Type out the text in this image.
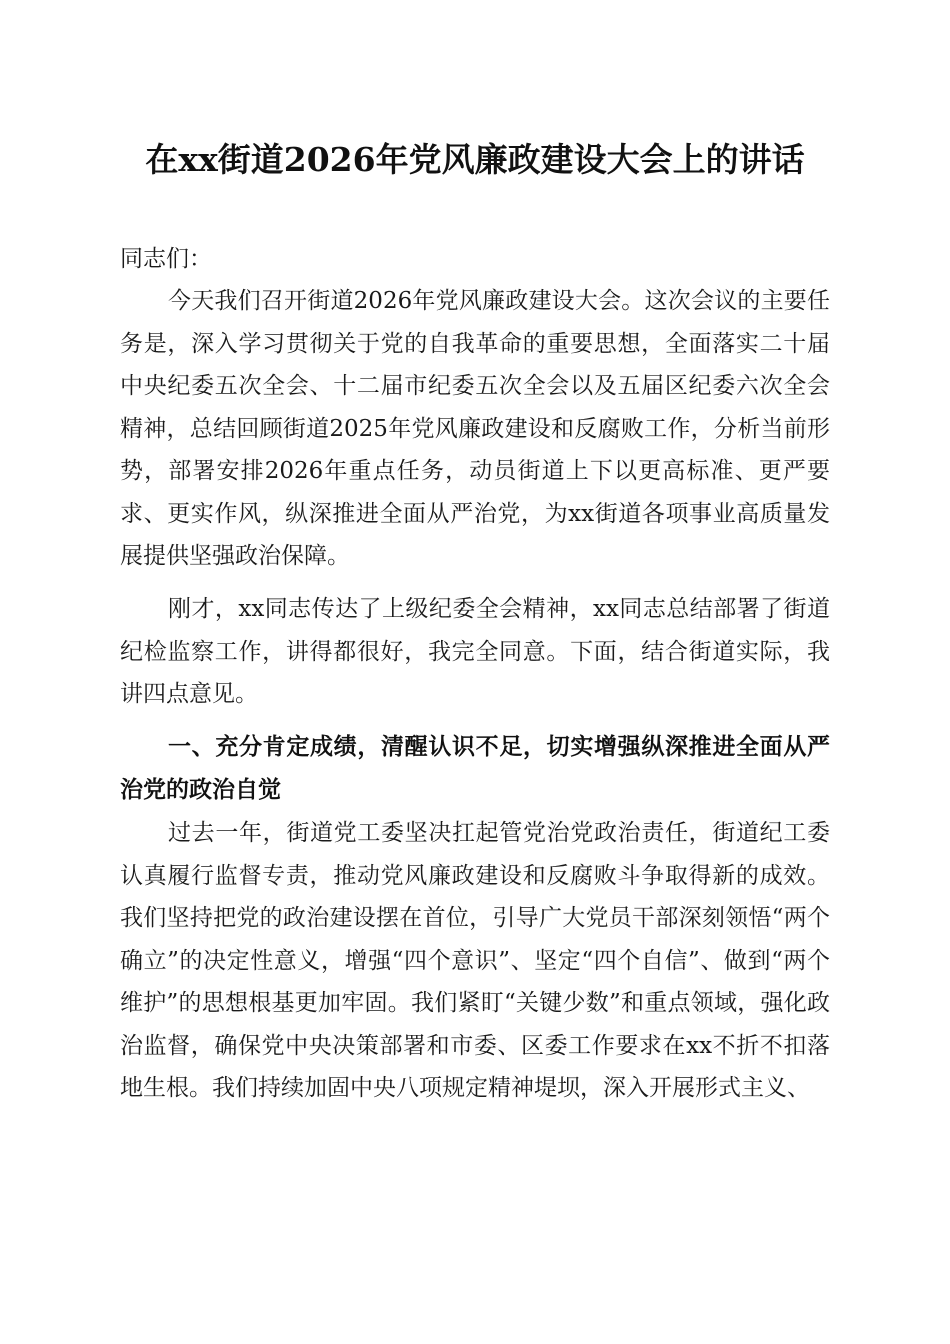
在xx街道2026年党风廉政建设大会上的讲话

同志们：

今天我们召开街道2026年党风廉政建设大会。这次会议的主要任务是，深入学习贯彻关于党的自我革命的重要思想，全面落实二十届中央纪委五次全会、十二届市纪委五次全会以及五届区纪委六次全会精神，总结回顾街道2025年党风廉政建设和反腐败工作，分析当前形势，部署安排2026年重点任务，动员街道上下以更高标准、更严要求、更实作风，纵深推进全面从严治党，为xx街道各项事业高质量发展提供坚强政治保障。

刚才，xx同志传达了上级纪委全会精神，xx同志总结部署了街道纪检监察工作，讲得都很好，我完全同意。下面，结合街道实际，我讲四点意见。

一、充分肯定成绩，清醒认识不足，切实增强纵深推进全面从严治党的政治自觉

过去一年，街道党工委坚决扛起管党治党政治责任，街道纪工委认真履行监督专责，推动党风廉政建设和反腐败斗争取得新的成效。我们坚持把党的政治建设摆在首位，引导广大党员干部深刻领悟“两个确立”的决定性意义，增强“四个意识”、坚定“四个自信”、做到“两个维护”的思想根基更加牢固。我们紧盯“关键少数”和重点领域，强化政治监督，确保党中央决策部署和市委、区委工作要求在xx不折不扣落地生根。我们持续加固中央八项规定精神堤坝，深入开展形式主义、
